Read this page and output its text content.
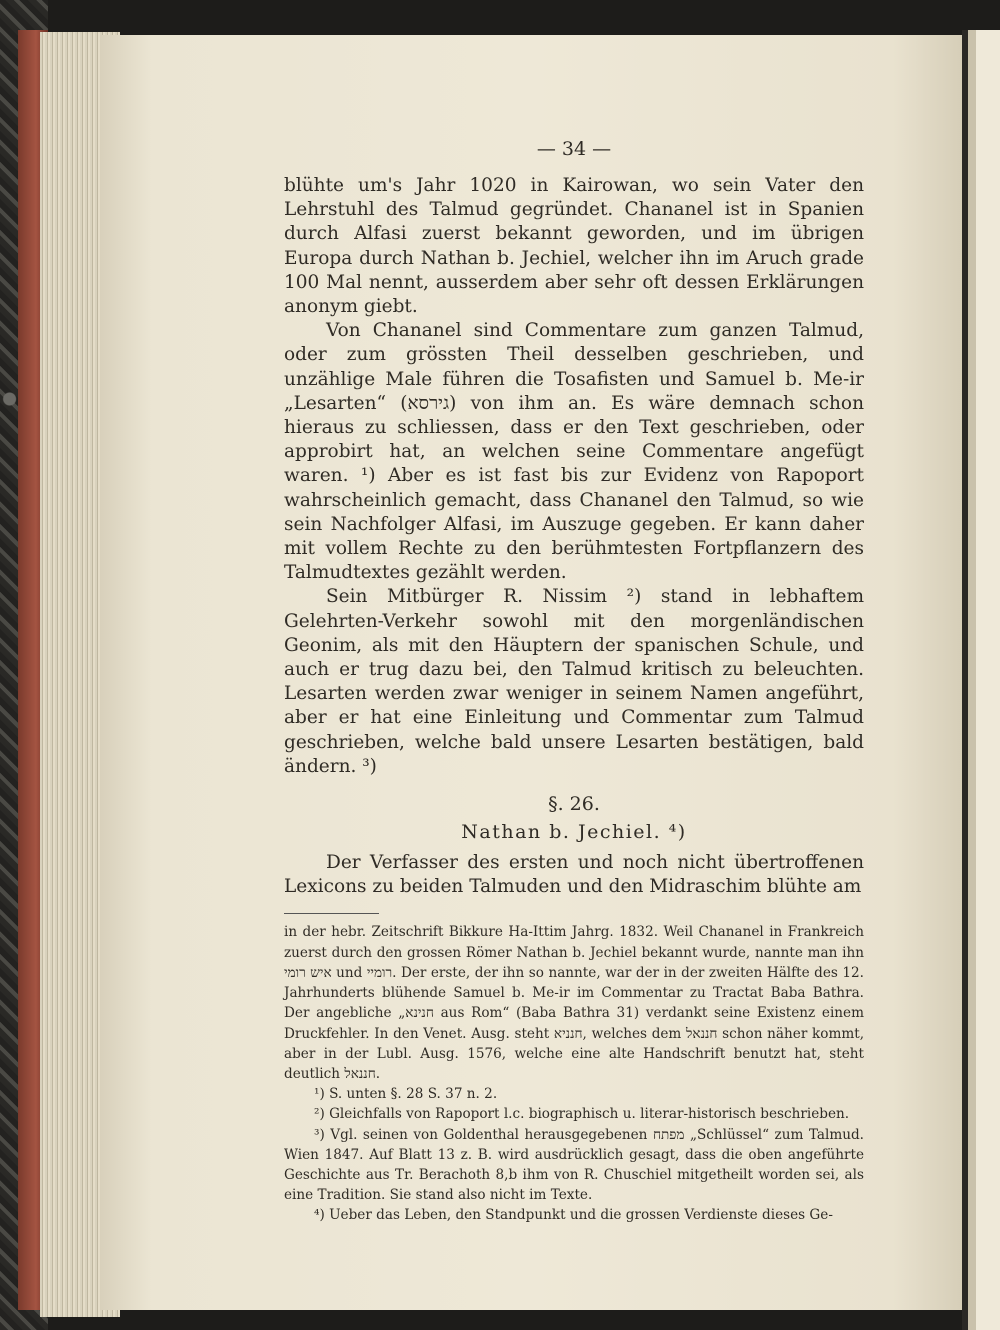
— 34 —

blühte um's Jahr 1020 in Kairowan, wo sein Vater den Lehrstuhl des Talmud gegründet. Chananel ist in Spanien durch Alfasi zuerst bekannt geworden, und im übrigen Europa durch Nathan b. Jechiel, welcher ihn im Aruch grade 100 Mal nennt, ausserdem aber sehr oft dessen Erklärungen anonym giebt.

Von Chananel sind Commentare zum ganzen Talmud, oder zum grössten Theil desselben geschrieben, und unzählige Male führen die Tosafisten und Samuel b. Me-ir „Lesarten“ (גירסא) von ihm an. Es wäre demnach schon hieraus zu schliessen, dass er den Text geschrieben, oder approbirt hat, an welchen seine Commentare angefügt waren. ¹) Aber es ist fast bis zur Evidenz von Rapoport wahrscheinlich gemacht, dass Chananel den Talmud, so wie sein Nachfolger Alfasi, im Auszuge gegeben. Er kann daher mit vollem Rechte zu den berühmtesten Fortpflanzern des Talmudtextes gezählt werden.

Sein Mitbürger R. Nissim ²) stand in lebhaftem Gelehrten-Verkehr sowohl mit den morgenländischen Geonim, als mit den Häuptern der spanischen Schule, und auch er trug dazu bei, den Talmud kritisch zu beleuchten. Lesarten werden zwar weniger in seinem Namen angeführt, aber er hat eine Einleitung und Commentar zum Talmud geschrieben, welche bald unsere Lesarten bestätigen, bald ändern. ³)

§. 26.
Nathan b. Jechiel. ⁴)

Der Verfasser des ersten und noch nicht übertroffenen Lexicons zu beiden Talmuden und den Midraschim blühte am

in der hebr. Zeitschrift Bikkure Ha-Ittim Jahrg. 1832. Weil Chananel in Frankreich zuerst durch den grossen Römer Nathan b. Jechiel bekannt wurde, nannte man ihn איש רומי und רומיי. Der erste, der ihn so nannte, war der in der zweiten Hälfte des 12. Jahrhunderts blühende Samuel b. Me-ir im Commentar zu Tractat Baba Bathra. Der angebliche „חנינא aus Rom“ (Baba Bathra 31) verdankt seine Existenz einem Druckfehler. In den Venet. Ausg. steht חנניא, welches dem חננאל schon näher kommt, aber in der Lubl. Ausg. 1576, welche eine alte Handschrift benutzt hat, steht deutlich חננאל.

¹) S. unten §. 28 S. 37 n. 2.

²) Gleichfalls von Rapoport l.c. biographisch u. literar-historisch beschrieben.

³) Vgl. seinen von Goldenthal herausgegebenen מפתח „Schlüssel“ zum Talmud. Wien 1847. Auf Blatt 13 z. B. wird ausdrücklich gesagt, dass die oben angeführte Geschichte aus Tr. Berachoth 8,b ihm von R. Chuschiel mitgetheilt worden sei, als eine Tradition. Sie stand also nicht im Texte.

⁴) Ueber das Leben, den Standpunkt und die grossen Verdienste dieses Ge-
